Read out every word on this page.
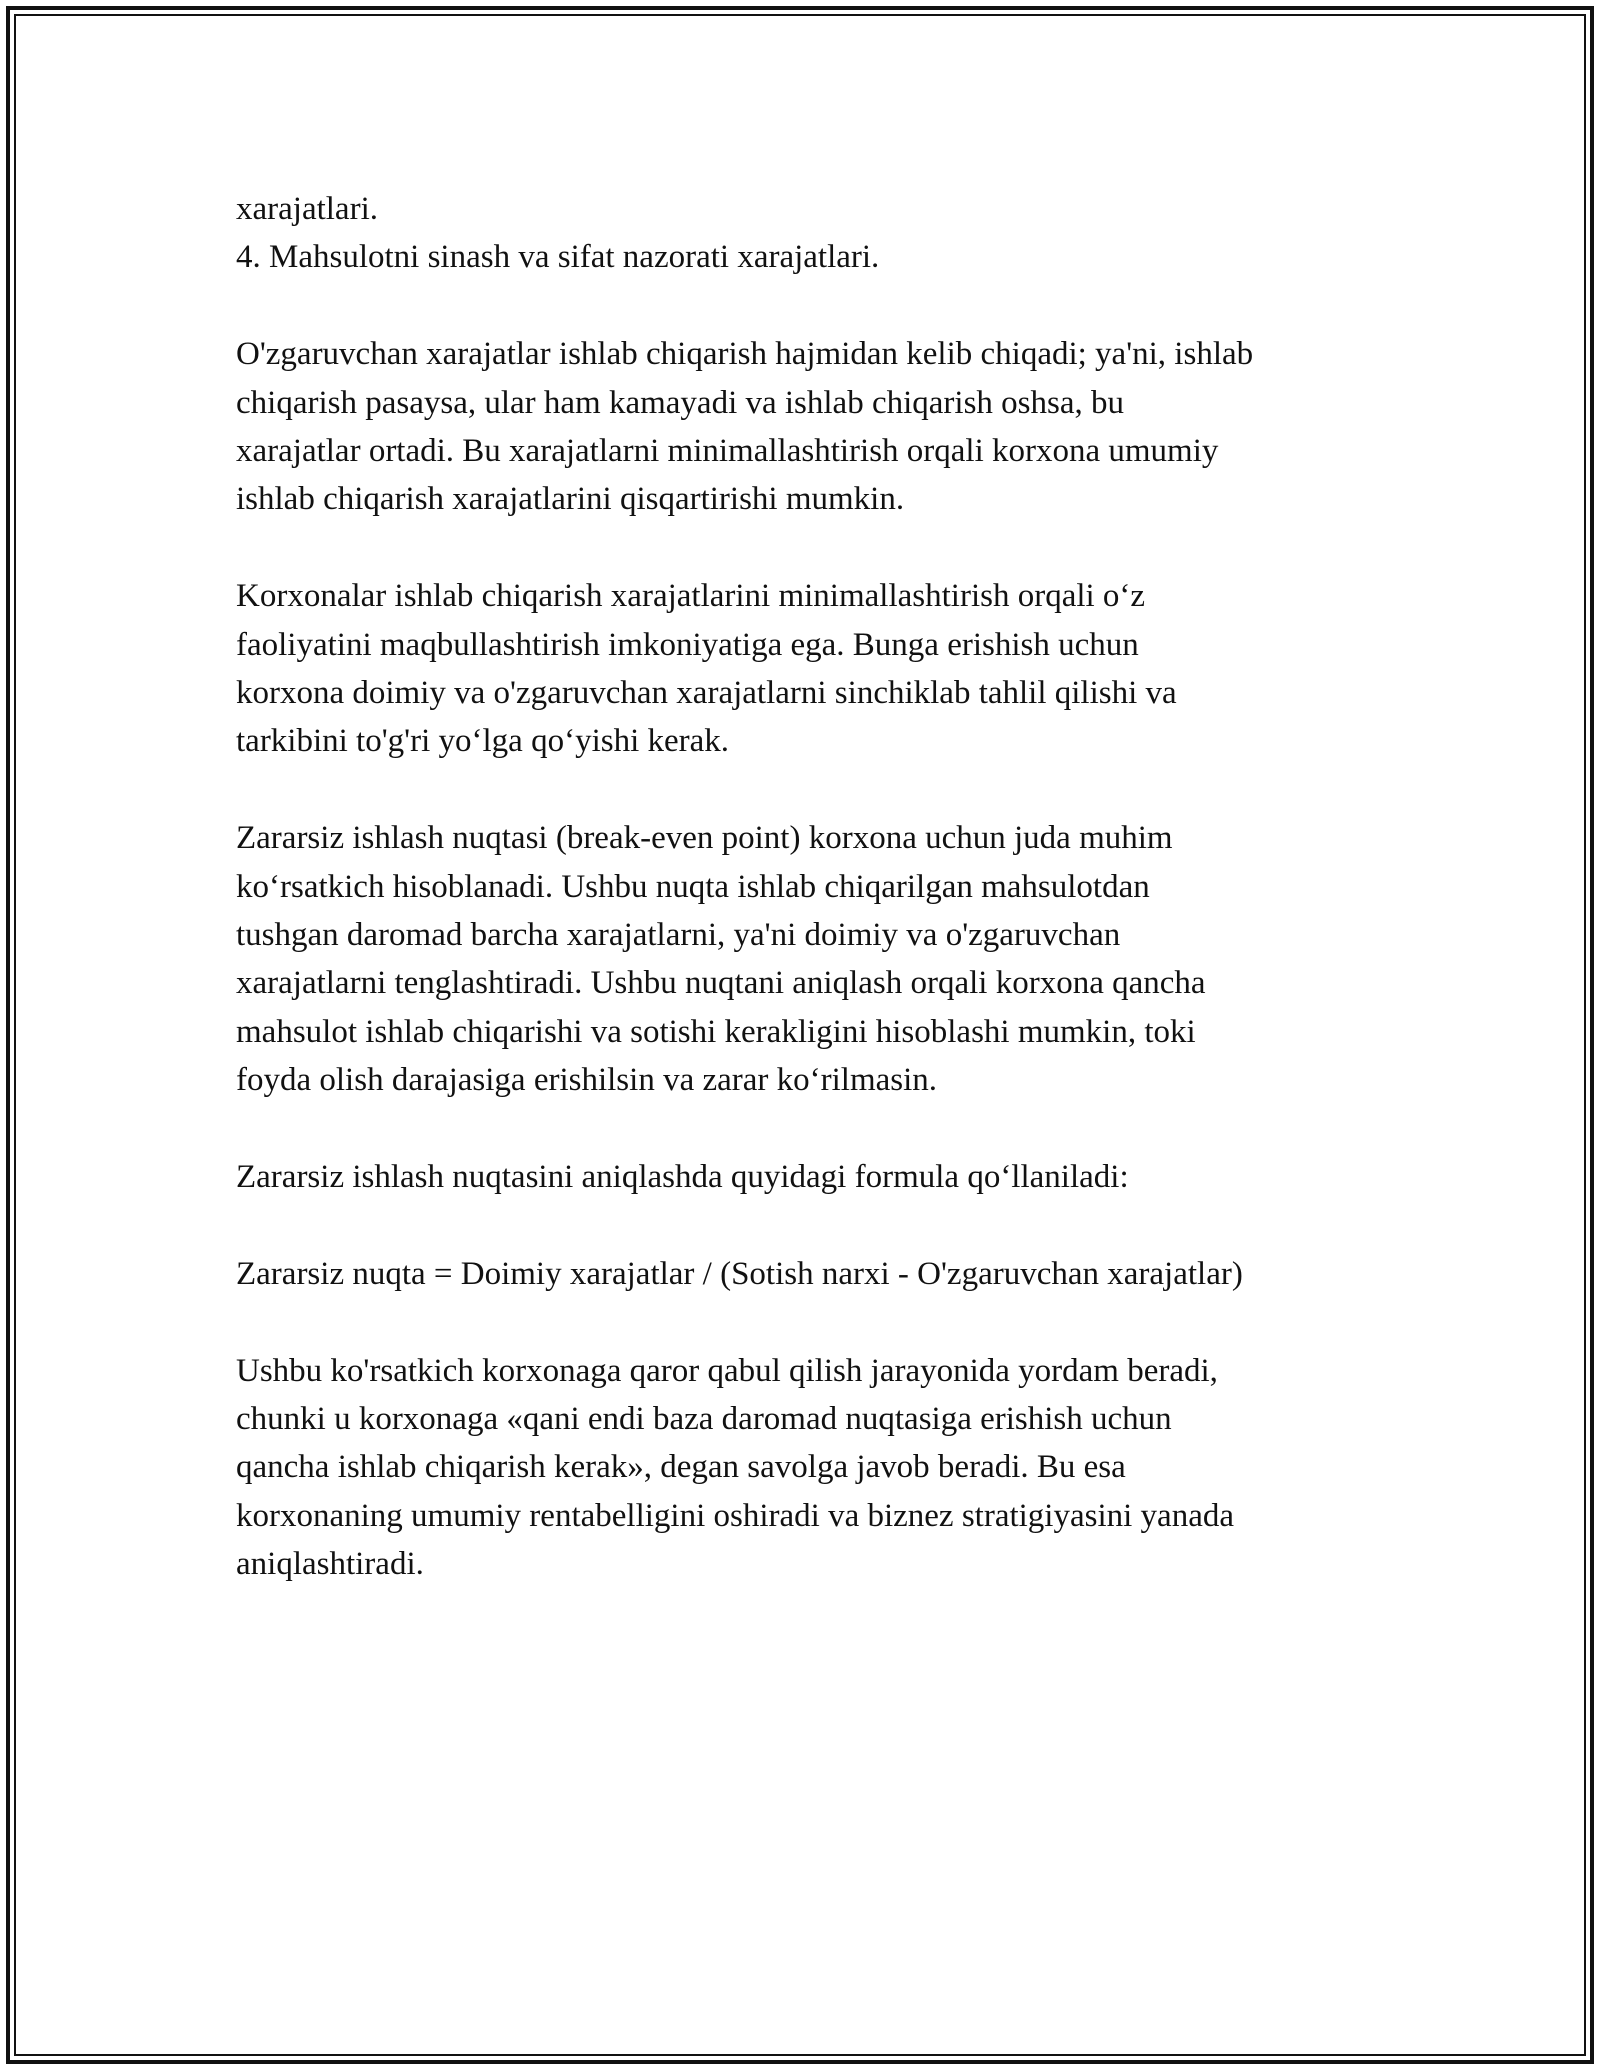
xarajatlari.
4. Mahsulotni sinash va sifat nazorati xarajatlari.

O'zgaruvchan xarajatlar ishlab chiqarish hajmidan kelib chiqadi; ya'ni, ishlab
chiqarish pasaysa, ular ham kamayadi va ishlab chiqarish oshsa, bu
xarajatlar ortadi. Bu xarajatlarni minimallashtirish orqali korxona umumiy
ishlab chiqarish xarajatlarini qisqartirishi mumkin.

Korxonalar ishlab chiqarish xarajatlarini minimallashtirish orqali o‘z
faoliyatini maqbullashtirish imkoniyatiga ega. Bunga erishish uchun
korxona doimiy va o'zgaruvchan xarajatlarni sinchiklab tahlil qilishi va
tarkibini to'g'ri yo‘lga qo‘yishi kerak.

Zararsiz ishlash nuqtasi (break-even point) korxona uchun juda muhim
ko‘rsatkich hisoblanadi. Ushbu nuqta ishlab chiqarilgan mahsulotdan
tushgan daromad barcha xarajatlarni, ya'ni doimiy va o'zgaruvchan
xarajatlarni tenglashtiradi. Ushbu nuqtani aniqlash orqali korxona qancha
mahsulot ishlab chiqarishi va sotishi kerakligini hisoblashi mumkin, toki
foyda olish darajasiga erishilsin va zarar ko‘rilmasin.

Zararsiz ishlash nuqtasini aniqlashda quyidagi formula qo‘llaniladi:

Zararsiz nuqta = Doimiy xarajatlar / (Sotish narxi - O'zgaruvchan xarajatlar)

Ushbu ko'rsatkich korxonaga qaror qabul qilish jarayonida yordam beradi,
chunki u korxonaga «qani endi baza daromad nuqtasiga erishish uchun
qancha ishlab chiqarish kerak», degan savolga javob beradi. Bu esa
korxonaning umumiy rentabelligini oshiradi va biznez stratigiyasini yanada
aniqlashtiradi.
